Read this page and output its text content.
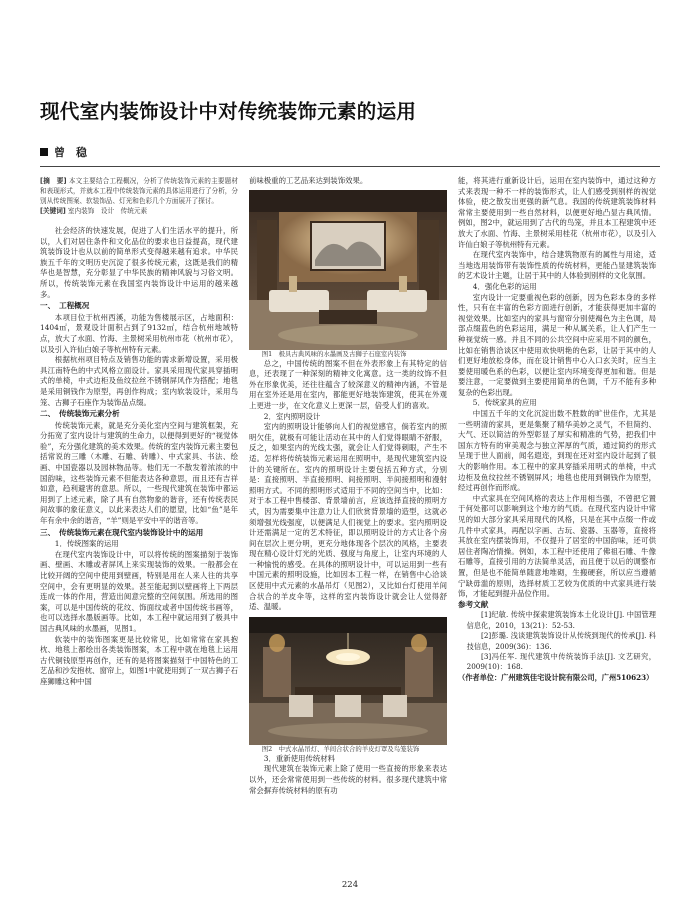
现代室内装饰设计中对传统装饰元素的运用
曾　稳

[摘　要] 本文主要结合工程概况，分析了传统装饰元素的主要题材和表现形式，并就本工程中传统装饰元素的具体运用进行了分析，分别从传统图案、软装饰品、灯光和色彩几个方面展开了探讨。

[关键词] 室内装饰　设计　传统元素

社会经济的快速发展，促进了人们生活水平的提升，所以，人们对居住条件和文化品位的要求也日益提高，现代建筑装饰设计也从以前的简单形式变得越来越有追求。中华民族五千年的文明历史沉淀了很多传统元素，这既是我们的精华也是智慧，充分彰显了中华民族的精神风貌与习俗文明。所以，传统装饰元素在我国室内装饰设计中运用的越来越多。

一、　工程概况

本项目位于杭州西溪，功能为售楼展示区，占地面积：1404㎡，景观设计面积占到了9132㎡，结合杭州地域特点，放大了水面、竹海、主景树采用杭州市花（杭州市花），以及引入许仙白娘子等杭州特有元素。

根据杭州项目特点及销售功能的需求新增设置，采用极具江南特色的中式风格立面设计。家具采用现代家具穿插明式的单椅，中式边柜及鱼纹拉丝不锈钢屏风作为搭配；地毯是采用铜钱作为原型，再创作构成；室内软装设计，采用鸟笼、古狮子石座作为装饰品点缀。

二、　传统装饰元素分析

传统装饰元素，就是充分美化室内空间与建筑框架，充分拓宽了室内设计与建筑的生命力，以便得到更好的“视觉体验”，充分强化建筑的美术效果。传统的室内装饰元素主要包括常说的三雕（木雕、石雕、砖雕）、中式家具、书法、绘画、中国瓷器以及园林物品等。他们无一不散发着浓浓的中国韵味，这些装饰元素不但能表达各种意思，而且还有吉祥如意，趋利避害的意思。所以，一些现代建筑在装饰中都运用到了上述元素，除了具有自然物象的谐音，还有传统表民间故事的象征意义，以此来表达人们的愿望，比如“鱼”是年年有余中余的谐音，“羊”则是平安中平的谐音等。

三、　传统装饰元素在现代室内装饰设计中的运用

1．传统图案的运用

在现代室内装饰设计中，可以将传统的图案描刻于装饰画、壁画、木雕或者屏风上来实现装饰的效果。一般都会在比较开阔的空间中使用到壁画，特别是用在人来人往的共享空间中，会有更明显的效果。甚至能起到以壁画将上下两层连成一体的作用，营造出阅意完整的空间氛围。所选用的图案，可以是中国传统的花纹、饰面纹或者中国传统书画等，也可以选择水墨版画等。比如，本工程中就运用到了极具中国古典风味的水墨画，见图1。

软装中的装饰图案更是比较常见，比如常常在家具抱枕、地毯上都绘出各类装饰图案，本工程中就在地毯上运用古代铜钱原型再创作，还有的是将图案描刻于中国特色的工艺品和沙发抱枕、窗帘上，如图1中就使用到了一双古狮子石座狮雕这种中国

前味极重的工艺品来达到装饰效果。

图1　极具古典风味的水墨画及古狮子石座室内装饰

总之，中国传统的图案不但在外表形象上有其特定的信息，还表现了一种深刻的精神文化寓意。这一类的纹饰不但外在形象优美，还往往蕴含了较深意义的精神内涵，不管是用在室外还是用在室内，都能更好地装饰建筑，使其在外观上更进一步，在文化意义上更深一层，倍受人们的喜欢。

2．室内照明设计

室内的照明设计能够向人们的视觉感官，倘若室内的照明欠佳，就极有可能让活动在其中的人们觉得眼睛不舒服，反之，如果室内的光线太强，就会让人们觉得刺眼，产生不适。怎样将传统装饰元素运用在照明中，是现代建筑室内设计的关键所在。室内的照明设计主要包括五种方式，分别是：直接照明、半直接照明、间接照明、半间接照明和漫射照明方式。不同的照明形式适用于不同的空间当中，比如：对于本工程中售楼部、背景墙前言，应该选择直接的照明方式，因为需要集中注意力让人们欣赏背景墙的造型，这就必须增强光线强度，以便满足人们视觉上的要求。室内照明设计还需满足一定的艺术特征，即以照明设计的方式让各个房间在层次上更分明，更充分地体现各个层次的风格，主要表现在精心设计灯光的光质、强度与角度上，让室内环境的人一种愉悦的感受。在具体的照明设计中，可以运用到一些有中国元素的照明设施，比如因本工程一样，在销售中心洽谈区使用中式元素的水晶吊灯（见图2），又比如台灯使用羊间合状合的羊皮伞等，这样的室内装饰设计就会让人觉得舒适、温暖。

图2　中式水晶吊灯、羊间合状合的羊皮灯罩及鸟笼装饰

3．重新使用传统材料

现代建筑在装饰元素上除了使用一些直接的形象来表达以外，还会常常使用到一些传统的材料。很多现代建筑中常常会摒弃传统材料的原有功

能，将其进行重新设计后，运用在室内装饰中，通过这种方式来表现一种不一样的装饰形式，让人们感受到别样的视觉体验，使之散发出更强的新气息。我国的传统建筑装饰材料常常主要使用到一些自然材料，以便更好地凸显古典风情。例如，图2中，就运用到了古代的鸟笼，并且本工程建筑中还放大了水面、竹海、主景树采用桂花（杭州市花），以及引入许仙白娘子等杭州特有元素。

在现代室内装饰中，结合建筑物原有的属性与用途，适当地选用装饰带有装饰性质的传统材料，更能凸显建筑装饰的艺术设计主题，让居于其中的人体验到别样的文化氛围。

4．强化色彩的运用

室内设计一定要重视色彩的创新，因为色彩本身的多样性，只有在丰富的色彩方面进行创新，才能获得更加丰富的视觉效果。比如室内的家具与窗帘分别使褐色为主色调，局部点缀蓝色的色彩运用，满足一种从属关系，让人们产生一种视觉统一感。并且不同的公共空间中应采用不同的颜色，比如在销售洽谈区中使用欢快明艳的色彩，让居于其中的人们更好地放松身体，而在设计销售中心入口玄关时，应当主要使用暖色系的色彩，以便让室内环境变得更加和谐。但是要注意，一定要做到主要使用简单的色调，千万不能有多种复杂的色彩出现。

5．传统家具的应用

中国五千年的文化沉淀出数不胜数的旷世佳作，尤其是一些明清的家具，更是集聚了精华美妙之灵气，不但简约、大气、还以简洁的外型彰显了厚实和精准的气势，把我们中国东方特有的审美观念与独立浑厚的气质，通过简约的形式呈现于世人面前，闻名遐迩，到现在还对室内设计起到了很大的影响作用。本工程中的家具穿插采用明式的单椅，中式边柜及鱼纹拉丝不锈钢屏风；地毯也使用到铜钱作为原型，经过再创作而形成。

中式家具在空间风格的表达上作用相当强，不曾把它置于何处都可以影响到这个地方的气质。在现代室内设计中常见的如大部分家具采用现代的风格，只是在其中点缀一件或几件中式家具，再配以字画、古玩、瓷器、玉器等，直接将其放在室内摆装饰用，不仅提升了居室的中国韵味，还可供居住者陶冶情操。例如，本工程中还使用了佛祖石雕、牛像石雕等，直接引用的方法简单灵活，而且便于以后的调整布置，但是也不能简单随意地堆砌，生搬硬套，所以应当遵循宁缺毋滥的原则，选择材质工艺较为优质的中式家具进行装饰，才能起到提升品位作用。

参考文献

[1]纪敏. 传统中探索建筑装饰本土化设计[J]. 中国管理信息化，2010，13(21)：52-53.

[2]彭璐. 浅谈建筑装饰设计从传统到现代的传承[J]. 科技信息，2009(36)：136.

[3]冯任军. 现代建筑中传统装饰手法[J]. 文艺研究，2009(10)：168.

（作者单位：广州建筑佳宅设计院有限公司，广州510623）

224
